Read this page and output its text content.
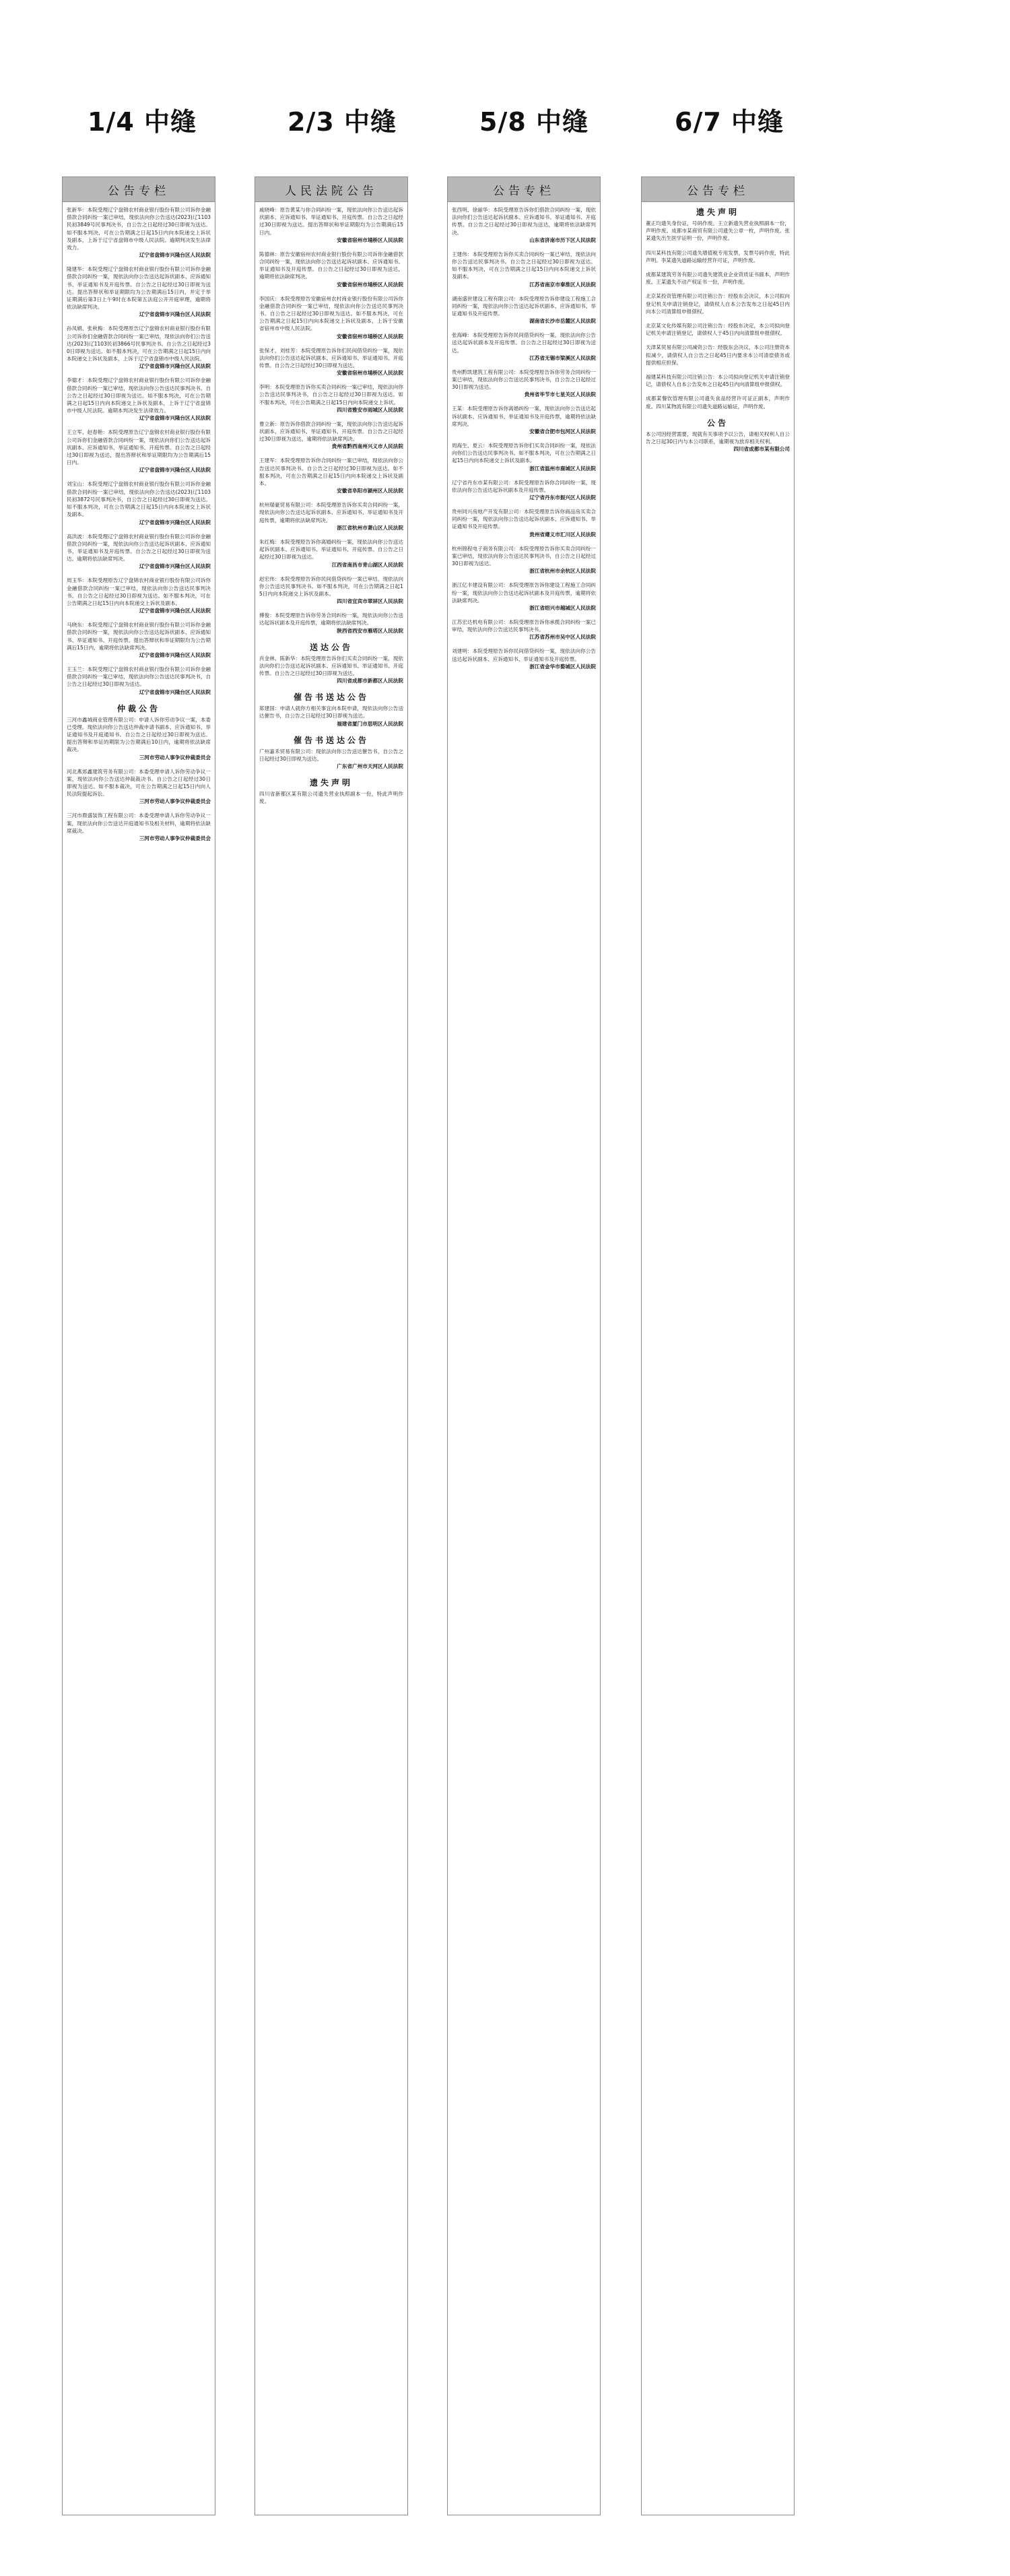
1/4 中缝	2/3 中缝	5/8 中缝	6/7 中缝
公告专栏
张新华：本院受理辽宁盘锦农村商业银行股份有限公司诉你金融借款合同纠纷一案已审结，现依法向你公告送达(2023)辽1103民初3849号民事判决书，自公告之日起经过30日即视为送达。如不服本判决，可在公告期满之日起15日内向本院递交上诉状及副本，上诉于辽宁省盘锦市中级人民法院。逾期判决发生法律效力。
辽宁省盘锦市兴隆台区人民法院
隆建华：本院受理辽宁盘锦农村商业银行股份有限公司诉你金融借款合同纠纷一案，现依法向你公告送达起诉状副本、应诉通知书、举证通知书及开庭传票。自公告之日起经过30日即视为送达。提出答辩状和举证期限均为公告期满后15日内，并定于举证期满后第3日上午9时在本院第五法庭公开开庭审理，逾期将依法缺席判决。
辽宁省盘锦市兴隆台区人民法院
孙凤娟、张秋梅：本院受理原告辽宁盘锦农村商业银行股份有限公司诉你们金融借款合同纠纷一案已审结，现依法向你们公告送达(2023)辽1103民初3866号民事判决书。自公告之日起经过30日即视为送达。如不服本判决，可在公告期满之日起15日内向本院递交上诉状及副本，上诉于辽宁省盘锦市中级人民法院。
辽宁省盘锦市兴隆台区人民法院
李德才：本院受理辽宁盘锦农村商业银行股份有限公司诉你金融借款合同纠纷一案已审结，现依法向你公告送达民事判决书。自公告之日起经过30日即视为送达。如不服本判决，可在公告期满之日起15日内向本院递交上诉状及副本，上诉于辽宁省盘锦市中级人民法院。逾期本判决发生法律效力。
辽宁省盘锦市兴隆台区人民法院
王立军、赵春艳：本院受理原告辽宁盘锦农村商业银行股份有限公司诉你们金融借款合同纠纷一案，现依法向你们公告送达起诉状副本、应诉通知书、举证通知书、开庭传票。自公告之日起经过30日即视为送达，提出答辩状和举证期限均为公告期满后15日内。
辽宁省盘锦市兴隆台区人民法院
刘宝山：本院受理辽宁盘锦农村商业银行股份有限公司诉你金融借款合同纠纷一案已审结，现依法向你公告送达(2023)辽1103民初3872号民事判决书，自公告之日起经过30日即视为送达。如不服本判决，可在公告期满之日起15日内向本院递交上诉状及副本。
辽宁省盘锦市兴隆台区人民法院
高洪波：本院受理辽宁盘锦农村商业银行股份有限公司诉你金融借款合同纠纷一案，现依法向你公告送达起诉状副本、应诉通知书、举证通知书及开庭传票。自公告之日起经过30日即视为送达。逾期将依法缺席判决。
辽宁省盘锦市兴隆台区人民法院
周玉华：本院受理原告辽宁盘锦农村商业银行股份有限公司诉你金融借款合同纠纷一案已审结，现依法向你公告送达民事判决书。自公告之日起经过30日即视为送达。如不服本判决，可在公告期满之日起15日内向本院递交上诉状及副本。
辽宁省盘锦市兴隆台区人民法院
马晓东：本院受理辽宁盘锦农村商业银行股份有限公司诉你金融借款合同纠纷一案，现依法向你公告送达起诉状副本、应诉通知书、举证通知书、开庭传票。提出答辩状和举证期限均为公告期满后15日内，逾期将依法缺席判决。
辽宁省盘锦市兴隆台区人民法院
王玉兰：本院受理辽宁盘锦农村商业银行股份有限公司诉你金融借款合同纠纷一案已审结，现依法向你公告送达民事判决书，自公告之日起经过30日即视为送达。
辽宁省盘锦市兴隆台区人民法院
仲裁公告
三河市鑫城商业管理有限公司：申请人诉你劳动争议一案，本委已受理。现依法向你公告送达仲裁申请书副本、应诉通知书、举证通知书及开庭通知书。自公告之日起经过30日即视为送达。提出答辩和举证的期限为公告期满后10日内，逾期将依法缺席裁决。
三河市劳动人事争议仲裁委员会
河北燕郊鑫建筑劳务有限公司：本委受理申请人诉你劳动争议一案，现依法向你公告送达仲裁裁决书。自公告之日起经过30日即视为送达。如不服本裁决，可在公告期满之日起15日内向人民法院提起诉讼。
三河市劳动人事争议仲裁委员会
三河市鼎盛装饰工程有限公司：本委受理申请人诉你劳动争议一案，现依法向你公告送达开庭通知书及相关材料，逾期将依法缺席裁决。
三河市劳动人事争议仲裁委员会
人民法院公告
戚晓峰：原告黄某与你合同纠纷一案，现依法向你公告送达起诉状副本、应诉通知书、举证通知书、开庭传票。自公告之日起经过30日即视为送达。提出答辩状和举证期限均为公告期满后15日内。
安徽省宿州市埇桥区人民法院
陈德林：原告安徽宿州农村商业银行股份有限公司诉你金融借款合同纠纷一案，现依法向你公告送达起诉状副本、应诉通知书、举证通知书及开庭传票。自公告之日起经过30日即视为送达，逾期将依法缺席判决。
安徽省宿州市埇桥区人民法院
李国庆：本院受理原告安徽宿州农村商业银行股份有限公司诉你金融借款合同纠纷一案已审结，现依法向你公告送达民事判决书。自公告之日起经过30日即视为送达。如不服本判决，可在公告期满之日起15日内向本院递交上诉状及副本，上诉于安徽省宿州市中级人民法院。
安徽省宿州市埇桥区人民法院
张保才、刘桂芳：本院受理原告诉你们民间借贷纠纷一案，现依法向你们公告送达起诉状副本、应诉通知书、举证通知书、开庭传票。自公告之日起经过30日即视为送达。
安徽省宿州市埇桥区人民法院
李明：本院受理原告诉你买卖合同纠纷一案已审结，现依法向你公告送达民事判决书，自公告之日起经过30日即视为送达。如不服本判决，可在公告期满之日起15日内向本院递交上诉状。
四川省雅安市雨城区人民法院
曹立新：原告诉你借款合同纠纷一案，现依法向你公告送达起诉状副本、应诉通知书、举证通知书、开庭传票。自公告之日起经过30日即视为送达，逾期将依法缺席判决。
贵州省黔西南州兴义市人民法院
王建军：本院受理原告诉你合同纠纷一案已审结，现依法向你公告送达民事判决书。自公告之日起经过30日即视为送达。如不服本判决，可在公告期满之日起15日内向本院递交上诉状及副本。
安徽省阜阳市颍州区人民法院
杭州瑞豪贸易有限公司：本院受理原告诉你买卖合同纠纷一案，现依法向你公告送达起诉状副本、应诉通知书、举证通知书及开庭传票，逾期将依法缺席判决。
浙江省杭州市萧山区人民法院
朱红梅：本院受理原告诉你离婚纠纷一案，现依法向你公告送达起诉状副本、应诉通知书、举证通知书、开庭传票。自公告之日起经过30日即视为送达。
江西省南昌市青山湖区人民法院
赵宏伟：本院受理原告诉你民间借贷纠纷一案已审结，现依法向你公告送达民事判决书。如不服本判决，可在公告期满之日起15日内向本院递交上诉状及副本。
四川省宜宾市翠屏区人民法院
傅俊：本院受理原告诉你劳务合同纠纷一案，现依法向你公告送达起诉状副本及开庭传票，逾期将依法缺席判决。
陕西省西安市雁塔区人民法院
送达公告
肖金林、陈新华：本院受理原告诉你们买卖合同纠纷一案，现依法向你们公告送达起诉状副本、应诉通知书、举证通知书、开庭传票。自公告之日起经过30日即视为送达。
四川省成都市新都区人民法院
催告书送达公告
郑建国：申请人就你方相关事宜向本院申请，现依法向你公告送达催告书，自公告之日起经过30日即视为送达。
福建省厦门市思明区人民法院
催告书送达公告
广州嘉禾贸易有限公司：现依法向你公告送达催告书，自公告之日起经过30日即视为送达。
广东省广州市天河区人民法院
遗失声明
四川省新都区某有限公司遗失营业执照副本一份，特此声明作废。
公告专栏
张西明、徐丽华：本院受理原告诉你们借款合同纠纷一案，现依法向你们公告送达起诉状副本、应诉通知书、举证通知书、开庭传票。自公告之日起经过30日即视为送达，逾期将依法缺席判决。
山东省济南市历下区人民法院
王建伟：本院受理原告诉你买卖合同纠纷一案已审结，现依法向你公告送达民事判决书。自公告之日起经过30日即视为送达。如不服本判决，可在公告期满之日起15日内向本院递交上诉状及副本。
江苏省南京市秦淮区人民法院
湖南盛世建设工程有限公司：本院受理原告诉你建设工程施工合同纠纷一案，现依法向你公告送达起诉状副本、应诉通知书、举证通知书及开庭传票。
湖南省长沙市岳麓区人民法院
张海峰：本院受理原告诉你民间借贷纠纷一案，现依法向你公告送达起诉状副本及开庭传票。自公告之日起经过30日即视为送达。
江苏省无锡市梁溪区人民法院
贵州黔凯建筑工程有限公司：本院受理原告诉你劳务合同纠纷一案已审结，现依法向你公告送达民事判决书，自公告之日起经过30日即视为送达。
贵州省毕节市七星关区人民法院
王某：本院受理原告诉你离婚纠纷一案，现依法向你公告送达起诉状副本、应诉通知书、举证通知书及开庭传票，逾期将依法缺席判决。
安徽省合肥市包河区人民法院
周海生、夏云：本院受理原告诉你们买卖合同纠纷一案，现依法向你们公告送达民事判决书。如不服本判决，可在公告期满之日起15日内向本院递交上诉状及副本。
浙江省温州市鹿城区人民法院
辽宁省丹东市某有限公司：本院受理原告诉你合同纠纷一案，现依法向你公告送达起诉状副本及开庭传票。
辽宁省丹东市振兴区人民法院
贵州同兴房地产开发有限公司：本院受理原告诉你商品房买卖合同纠纷一案，现依法向你公告送达起诉状副本、应诉通知书、举证通知书及开庭传票。
贵州省遵义市汇川区人民法院
杭州锦程电子商务有限公司：本院受理原告诉你买卖合同纠纷一案已审结，现依法向你公告送达民事判决书，自公告之日起经过30日即视为送达。
浙江省杭州市余杭区人民法院
浙江亿丰建设有限公司：本院受理原告诉你建设工程施工合同纠纷一案，现依法向你公告送达起诉状副本及开庭传票，逾期将依法缺席判决。
浙江省绍兴市越城区人民法院
江苏宏达机电有限公司：本院受理原告诉你承揽合同纠纷一案已审结，现依法向你公告送达民事判决书。
江苏省苏州市吴中区人民法院
刘建明：本院受理原告诉你民间借贷纠纷一案，现依法向你公告送达起诉状副本、应诉通知书、举证通知书及开庭传票。
浙江省金华市婺城区人民法院
公告专栏
遗失声明
董正均遗失身份证，号码作废。王立新遗失营业执照副本一份，声明作废。成都市某商贸有限公司遗失公章一枚，声明作废。张某遗失出生医学证明一份，声明作废。
四川某科技有限公司遗失增值税专用发票，发票号码作废，特此声明。李某遗失道路运输经营许可证，声明作废。
成都某建筑劳务有限公司遗失建筑业企业资质证书副本，声明作废。王某遗失不动产权证书一份，声明作废。
北京某投资管理有限公司注销公告：经股东会决议，本公司拟向登记机关申请注销登记，请债权人自本公告发布之日起45日内向本公司清算组申报债权。
北京某文化传媒有限公司注销公告：经股东决定，本公司拟向登记机关申请注销登记，请债权人于45日内向清算组申报债权。
天津某贸易有限公司减资公告：经股东会决议，本公司注册资本拟减少，请债权人自公告之日起45日内要求本公司清偿债务或提供相应担保。
福建某科技有限公司注销公告：本公司拟向登记机关申请注销登记，请债权人自本公告发布之日起45日内向清算组申报债权。
成都某餐饮管理有限公司遗失食品经营许可证正副本，声明作废。四川某物流有限公司遗失道路运输证，声明作废。
公告
本公司因经营需要，现就有关事项予以公告，请相关权利人自公告之日起30日内与本公司联系，逾期视为放弃相关权利。
四川省成都市某有限公司
